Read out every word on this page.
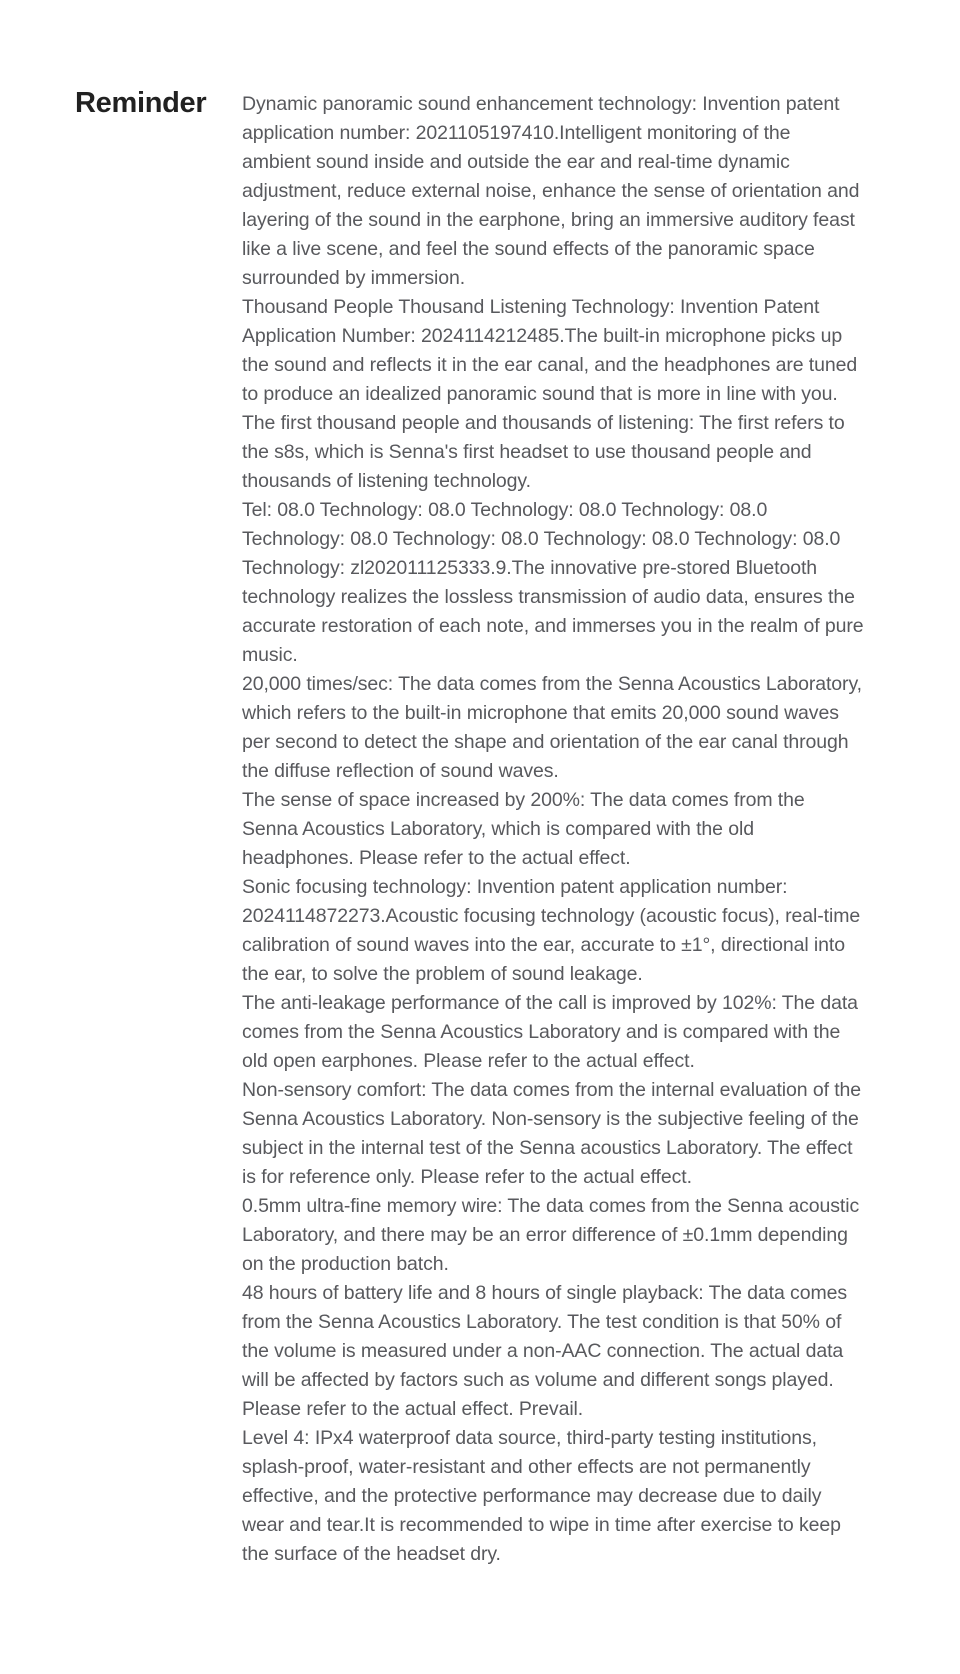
Reminder	Dynamic panoramic sound enhancement technology: Invention patent application number: 2021105197410.Intelligent monitoring of the ambient sound inside and outside the ear and real-time dynamic adjustment, reduce external noise, enhance the sense of orientation and layering of the sound in the earphone, bring an immersive auditory feast like a live scene, and feel the sound effects of the panoramic space surrounded by immersion.

Thousand People Thousand Listening Technology: Invention Patent Application Number: 2024114212485.The built-in microphone picks up the sound and reflects it in the ear canal, and the headphones are tuned to produce an idealized panoramic sound that is more in line with you.

The first thousand people and thousands of listening: The first refers to the s8s, which is Senna's first headset to use thousand people and thousands of listening technology.

Tel: 08.0 Technology: 08.0 Technology: 08.0 Technology: 08.0 Technology: 08.0 Technology: 08.0 Technology: 08.0 Technology: 08.0 Technology: zl202011125333.9.The innovative pre-stored Bluetooth technology realizes the lossless transmission of audio data, ensures the accurate restoration of each note, and immerses you in the realm of pure music.

20,000 times/sec: The data comes from the Senna Acoustics Laboratory, which refers to the built-in microphone that emits 20,000 sound waves per second to detect the shape and orientation of the ear canal through the diffuse reflection of sound waves.

The sense of space increased by 200%: The data comes from the Senna Acoustics Laboratory, which is compared with the old headphones. Please refer to the actual effect.

Sonic focusing technology: Invention patent application number: 2024114872273.Acoustic focusing technology (acoustic focus), real-time calibration of sound waves into the ear, accurate to ±1°, directional into the ear, to solve the problem of sound leakage.

The anti-leakage performance of the call is improved by 102%: The data comes from the Senna Acoustics Laboratory and is compared with the old open earphones. Please refer to the actual effect.

Non-sensory comfort: The data comes from the internal evaluation of the Senna Acoustics Laboratory. Non-sensory is the subjective feeling of the subject in the internal test of the Senna acoustics Laboratory. The effect is for reference only. Please refer to the actual effect.

0.5mm ultra-fine memory wire: The data comes from the Senna acoustic Laboratory, and there may be an error difference of ±0.1mm depending on the production batch.

48 hours of battery life and 8 hours of single playback: The data comes from the Senna Acoustics Laboratory. The test condition is that 50% of the volume is measured under a non-AAC connection. The actual data will be affected by factors such as volume and different songs played. Please refer to the actual effect. Prevail.

Level 4: IPx4 waterproof data source, third-party testing institutions, splash-proof, water-resistant and other effects are not permanently effective, and the protective performance may decrease due to daily wear and tear.It is recommended to wipe in time after exercise to keep the surface of the headset dry.
